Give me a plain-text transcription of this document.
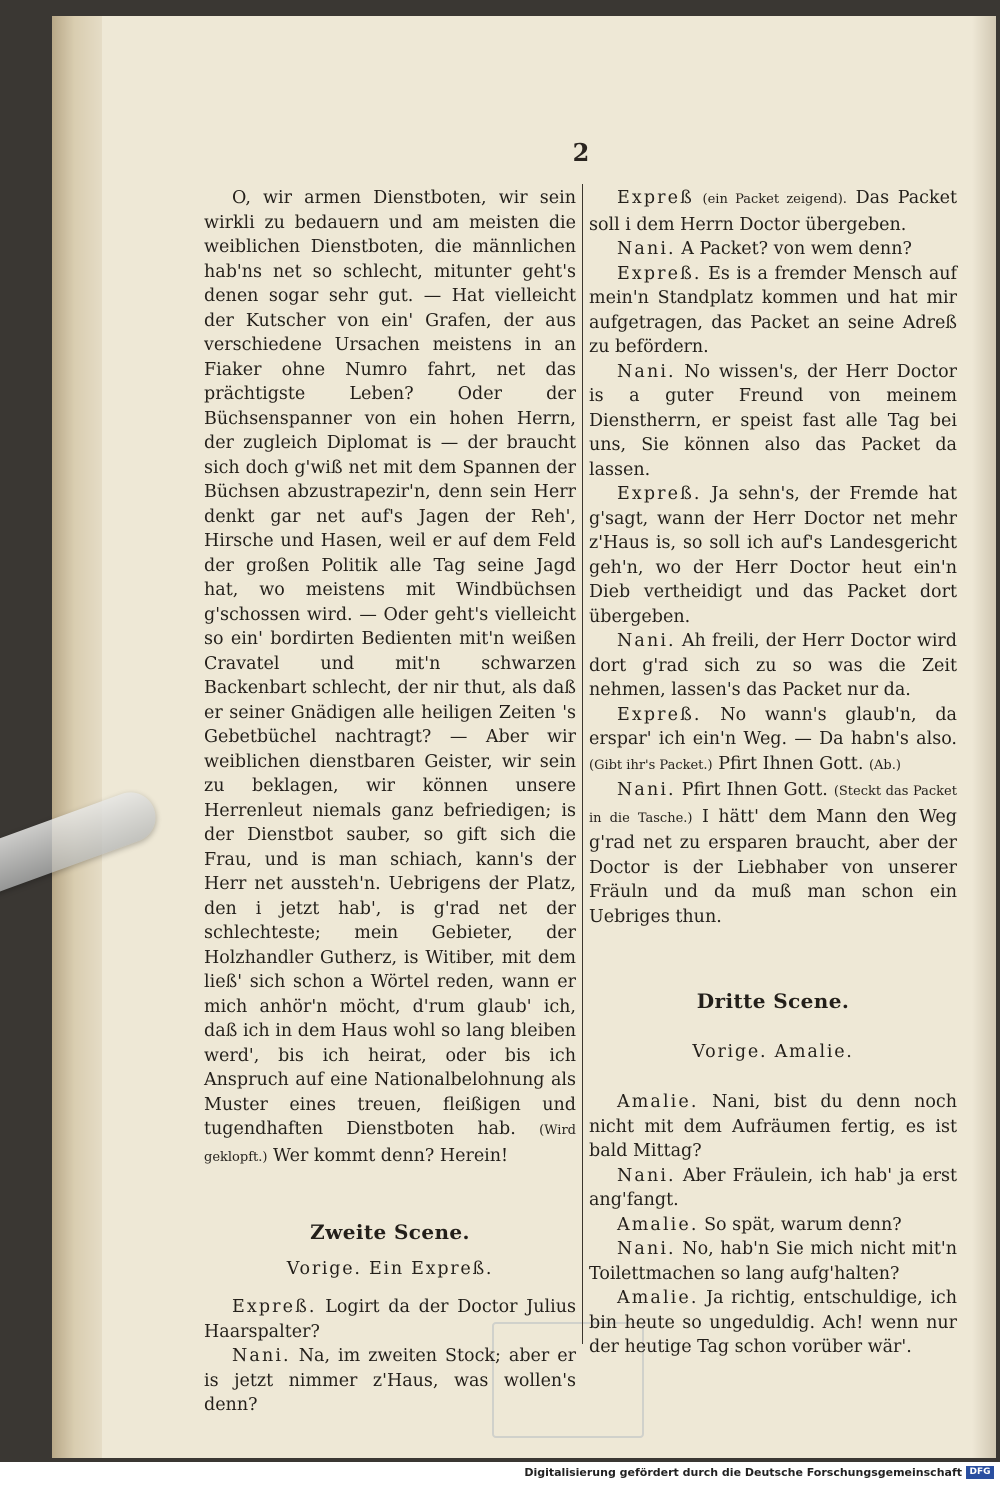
2

O, wir armen Dienstboten, wir sein wirkli zu bedauern und am meisten die weiblichen Dienstboten, die männlichen hab'ns net so schlecht, mitunter geht's denen sogar sehr gut. — Hat vielleicht der Kutscher von ein' Grafen, der aus verschiedene Ursachen meistens in an Fiaker ohne Numro fahrt, net das prächtigste Leben? Oder der Büchsenspanner von ein hohen Herrn, der zugleich Diplomat is — der braucht sich doch g'wiß net mit dem Spannen der Büchsen abzustrapezir'n, denn sein Herr denkt gar net auf's Jagen der Reh', Hirsche und Hasen, weil er auf dem Feld der großen Politik alle Tag seine Jagd hat, wo meistens mit Windbüchsen g'schossen wird. — Oder geht's vielleicht so ein' bordirten Bedienten mit'n weißen Cravatel und mit'n schwarzen Backenbart schlecht, der nir thut, als daß er seiner Gnädigen alle heiligen Zeiten 's Gebetbüchel nachtragt? — Aber wir weiblichen dienstbaren Geister, wir sein zu beklagen, wir können unsere Herrenleut niemals ganz befriedigen; is der Dienstbot sauber, so gift sich die Frau, und is man schiach, kann's der Herr net aussteh'n. Uebrigens der Platz, den i jetzt hab', is g'rad net der schlechteste; mein Gebieter, der Holzhandler Gutherz, is Witiber, mit dem ließ' sich schon a Wörtel reden, wann er mich anhör'n möcht, d'rum glaub' ich, daß ich in dem Haus wohl so lang bleiben werd', bis ich heirat, oder bis ich Anspruch auf eine Nationalbelohnung als Muster eines treuen, fleißigen und tugendhaften Dienstboten hab. (Wird geklopft.) Wer kommt denn? Herein!

Zweite Scene.

Vorige. Ein Expreß.

Expreß. Logirt da der Doctor Julius Haarspalter?

Nani. Na, im zweiten Stock; aber er is jetzt nimmer z'Haus, was wollen's denn?

Expreß (ein Packet zeigend). Das Packet soll i dem Herrn Doctor übergeben.

Nani. A Packet? von wem denn?

Expreß. Es is a fremder Mensch auf mein'n Standplatz kommen und hat mir aufgetragen, das Packet an seine Adreß zu befördern.

Nani. No wissen's, der Herr Doctor is a guter Freund von meinem Dienstherrn, er speist fast alle Tag bei uns, Sie können also das Packet da lassen.

Expreß. Ja sehn's, der Fremde hat g'sagt, wann der Herr Doctor net mehr z'Haus is, so soll ich auf's Landesgericht geh'n, wo der Herr Doctor heut ein'n Dieb vertheidigt und das Packet dort übergeben.

Nani. Ah freili, der Herr Doctor wird dort g'rad sich zu so was die Zeit nehmen, lassen's das Packet nur da.

Expreß. No wann's glaub'n, da erspar' ich ein'n Weg. — Da habn's also. (Gibt ihr's Packet.) Pfirt Ihnen Gott. (Ab.)

Nani. Pfirt Ihnen Gott. (Steckt das Packet in die Tasche.) I hätt' dem Mann den Weg g'rad net zu ersparen braucht, aber der Doctor is der Liebhaber von unserer Fräuln und da muß man schon ein Uebriges thun.

Dritte Scene.

Vorige. Amalie.

Amalie. Nani, bist du denn noch nicht mit dem Aufräumen fertig, es ist bald Mittag?

Nani. Aber Fräulein, ich hab' ja erst ang'fangt.

Amalie. So spät, warum denn?

Nani. No, hab'n Sie mich nicht mit'n Toilettmachen so lang aufg'halten?

Amalie. Ja richtig, entschuldige, ich bin heute so ungeduldig. Ach! wenn nur der heutige Tag schon vorüber wär'.

Digitalisierung gefördert durch die Deutsche Forschungsgemeinschaft DFG
